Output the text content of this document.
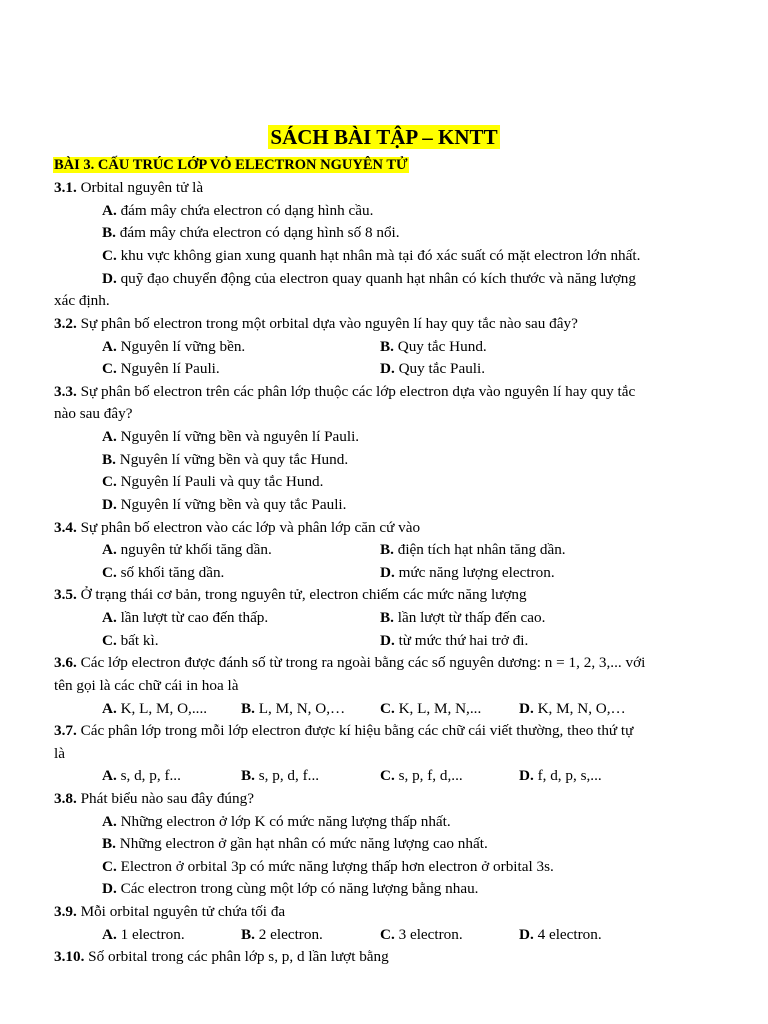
SÁCH BÀI TẬP – KNTT
BÀI 3. CẤU TRÚC LỚP VỎ ELECTRON NGUYÊN TỬ
3.1. Orbital nguyên tử là
A. đám mây chứa electron có dạng hình cầu.
B. đám mây chứa electron có dạng hình số 8 nổi.
C. khu vực không gian xung quanh hạt nhân mà tại đó xác suất có mặt electron lớn nhất.
D. quỹ đạo chuyển động của electron quay quanh hạt nhân có kích thước và năng lượng
xác định.
3.2. Sự phân bố electron trong một orbital dựa vào nguyên lí hay quy tắc nào sau đây?
A. Nguyên lí vững bền.	B. Quy tắc Hund.
C. Nguyên lí Pauli.	D. Quy tắc Pauli.
3.3. Sự phân bố electron trên các phân lớp thuộc các lớp electron dựa vào nguyên lí hay quy tắc
nào sau đây?
A. Nguyên lí vững bền và nguyên lí Pauli.
B. Nguyên lí vững bền và quy tắc Hund.
C. Nguyên lí Pauli và quy tắc Hund.
D. Nguyên lí vững bền và quy tắc Pauli.
3.4. Sự phân bố electron vào các lớp và phân lớp căn cứ vào
A. nguyên tử khối tăng dần.	B. điện tích hạt nhân tăng dần.
C. số khối tăng dần.	D. mức năng lượng electron.
3.5. Ở trạng thái cơ bản, trong nguyên tử, electron chiếm các mức năng lượng
A. lần lượt từ cao đến thấp.	B. lần lượt từ thấp đến cao.
C. bất kì.	D. từ mức thứ hai trở đi.
3.6. Các lớp electron được đánh số từ trong ra ngoài bằng các số nguyên dương: n = 1, 2, 3,... với
tên gọi là các chữ cái in hoa là
A. K, L, M, O,.... B. L, M, N, O,… C. K, L, M, N,... D. K, M, N, O,…
3.7. Các phân lớp trong mỗi lớp electron được kí hiệu bằng các chữ cái viết thường, theo thứ tự
là
A. s, d, p, f...	B. s, p, d, f...	C. s, p, f, d,...	D. f, d, p, s,...
3.8. Phát biểu nào sau đây đúng?
A. Những electron ở lớp K có mức năng lượng thấp nhất.
B. Những electron ở gần hạt nhân có mức năng lượng cao nhất.
C. Electron ở orbital 3p có mức năng lượng thấp hơn electron ở orbital 3s.
D. Các electron trong cùng một lớp có năng lượng bằng nhau.
3.9. Mỗi orbital nguyên tử chứa tối đa
A. 1 electron.	B. 2 electron.	C. 3 electron.	D. 4 electron.
3.10. Số orbital trong các phân lớp s, p, d lần lượt bằng
